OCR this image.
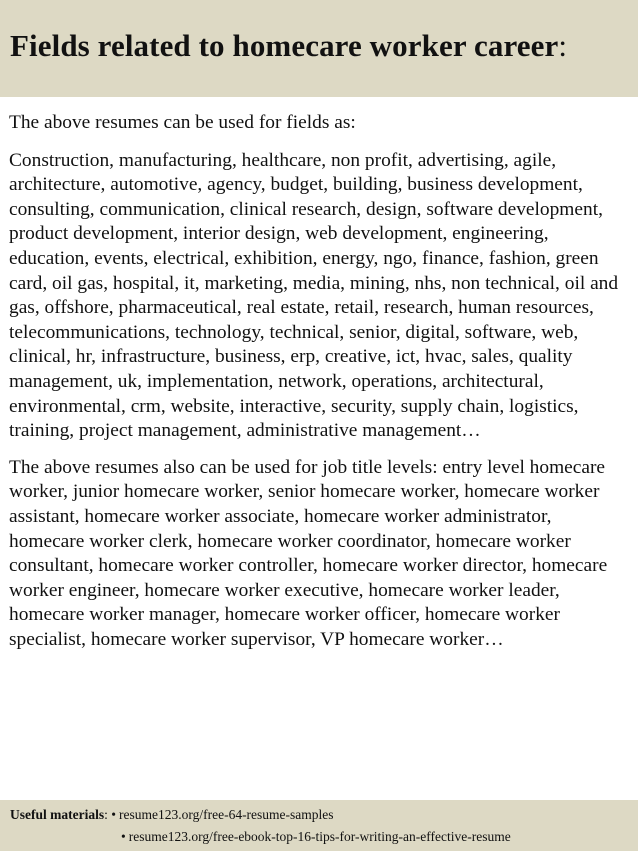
Fields related to homecare worker career:

The above resumes can be used for fields as:

Construction, manufacturing, healthcare, non profit, advertising, agile, architecture, automotive, agency, budget, building, business development, consulting, communication, clinical research, design, software development, product development, interior design, web development, engineering, education, events, electrical, exhibition, energy, ngo, finance, fashion, green card, oil gas, hospital, it, marketing, media, mining, nhs, non technical, oil and gas, offshore, pharmaceutical, real estate, retail, research, human resources, telecommunications, technology, technical, senior, digital, software, web, clinical, hr, infrastructure, business, erp, creative, ict, hvac, sales, quality management, uk, implementation, network, operations, architectural, environmental, crm, website, interactive, security, supply chain, logistics, training, project management, administrative management…

The above resumes also can be used for job title levels: entry level homecare worker, junior homecare worker, senior homecare worker, homecare worker assistant, homecare worker associate, homecare worker administrator, homecare worker clerk, homecare worker coordinator, homecare worker consultant, homecare worker controller, homecare worker director, homecare worker engineer, homecare worker executive, homecare worker leader, homecare worker manager, homecare worker officer, homecare worker specialist, homecare worker supervisor, VP homecare worker…

Useful materials: • resume123.org/free-64-resume-samples
• resume123.org/free-ebook-top-16-tips-for-writing-an-effective-resume
